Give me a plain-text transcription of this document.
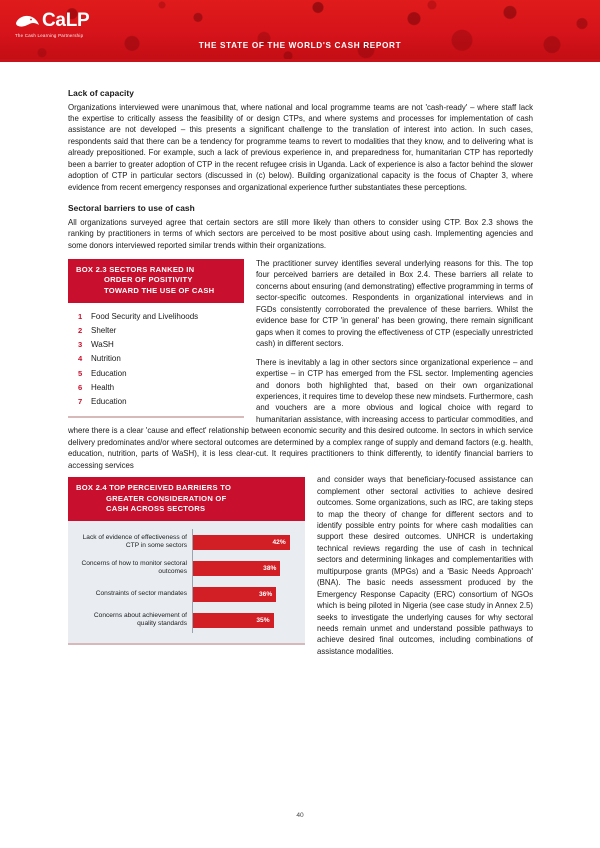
CaLP
The Cash Learning Partnership
THE STATE OF THE WORLD'S CASH REPORT
Lack of capacity

Organizations interviewed were unanimous that, where national and local programme teams are not 'cash-ready' – where staff lack the expertise to critically assess the feasibility of or design CTPs, and where systems and processes for implementation of cash assistance are not developed – this presents a significant challenge to the translation of interest into action. In such cases, respondents said that there can be a tendency for programme teams to revert to modalities that they know, and to delivering what is already prepositioned. For example, such a lack of previous experience in, and preparedness for, humanitarian CTP has reportedly been a barrier to greater adoption of CTP in the recent refugee crisis in Uganda. Lack of experience is also a factor behind the slower adoption of CTP in particular sectors (discussed in (c) below). Building organizational capacity is the focus of Chapter 3, where evidence from recent emergency responses and organizational experience further substantiates these perceptions.

Sectoral barriers to use of cash

All organizations surveyed agree that certain sectors are still more likely than others to consider using CTP. Box 2.3 shows the ranking by practitioners in terms of which sectors are perceived to be most positive about using cash. Implementing agencies and some donors interviewed reported similar trends within their organizations.

BOX 2.3 SECTORS RANKED IN
ORDER OF POSITIVITY
TOWARD THE USE OF CASH
1	Food Security and Livelihoods
2	Shelter
3	WaSH
4	Nutrition
5	Education
6	Health
7	Education

The practitioner survey identifies several underlying reasons for this. The top four perceived barriers are detailed in Box 2.4. These barriers all relate to concerns about ensuring (and demonstrating) effective programming in terms of sector-specific outcomes. Respondents in organizational interviews and in FGDs consistently corroborated the prevalence of these barriers. Whilst the evidence base for CTP 'in general' has been growing, there remain significant gaps when it comes to proving the effectiveness of CTP (especially unrestricted cash) in different sectors.

There is inevitably a lag in other sectors since organizational experience – and expertise – in CTP has emerged from the FSL sector. Implementing agencies and donors both highlighted that, based on their own organizational experiences, it requires time to develop these new mindsets. Furthermore, cash and vouchers are a more obvious and logical choice with regard to humanitarian assistance, with increasing access to particular commodities, and where there is a clear 'cause and effect' relationship between economic security and this desired outcome. In sectors in which service delivery predominates and/or where sectoral outcomes are determined by a complex range of supply and demand factors (e.g. health, education, nutrition, parts of WaSH), it is less clear-cut. It requires practitioners to think differently, to identify financial barriers to accessing services

BOX 2.4 TOP PERCEIVED BARRIERS TO
GREATER CONSIDERATION OF
CASH ACROSS SECTORS
Lack of evidence of effectiveness of CTP in some sectors	42%
Concerns of how to monitor sectoral outcomes	38%
Constraints of sector mandates	36%
Concerns about achievement of quality standards	35%

and consider ways that beneficiary-focused assistance can complement other sectoral activities to achieve desired outcomes. Some organizations, such as IRC, are taking steps to map the theory of change for different sectors and to identify possible entry points for where cash modalities can support these desired outcomes. UNHCR is undertaking technical reviews regarding the use of cash in technical sectors and determining linkages and complementarities with multipurpose grants (MPGs) and a 'Basic Needs Approach' (BNA). The basic needs assessment produced by the Emergency Response Capacity (ERC) consortium of NGOs which is being piloted in Nigeria (see case study in Annex 2.5) seeks to investigate the underlying causes for why sectoral needs remain unmet and understand possible pathways to achieve desired final outcomes, including combinations of assistance modalities.

40
